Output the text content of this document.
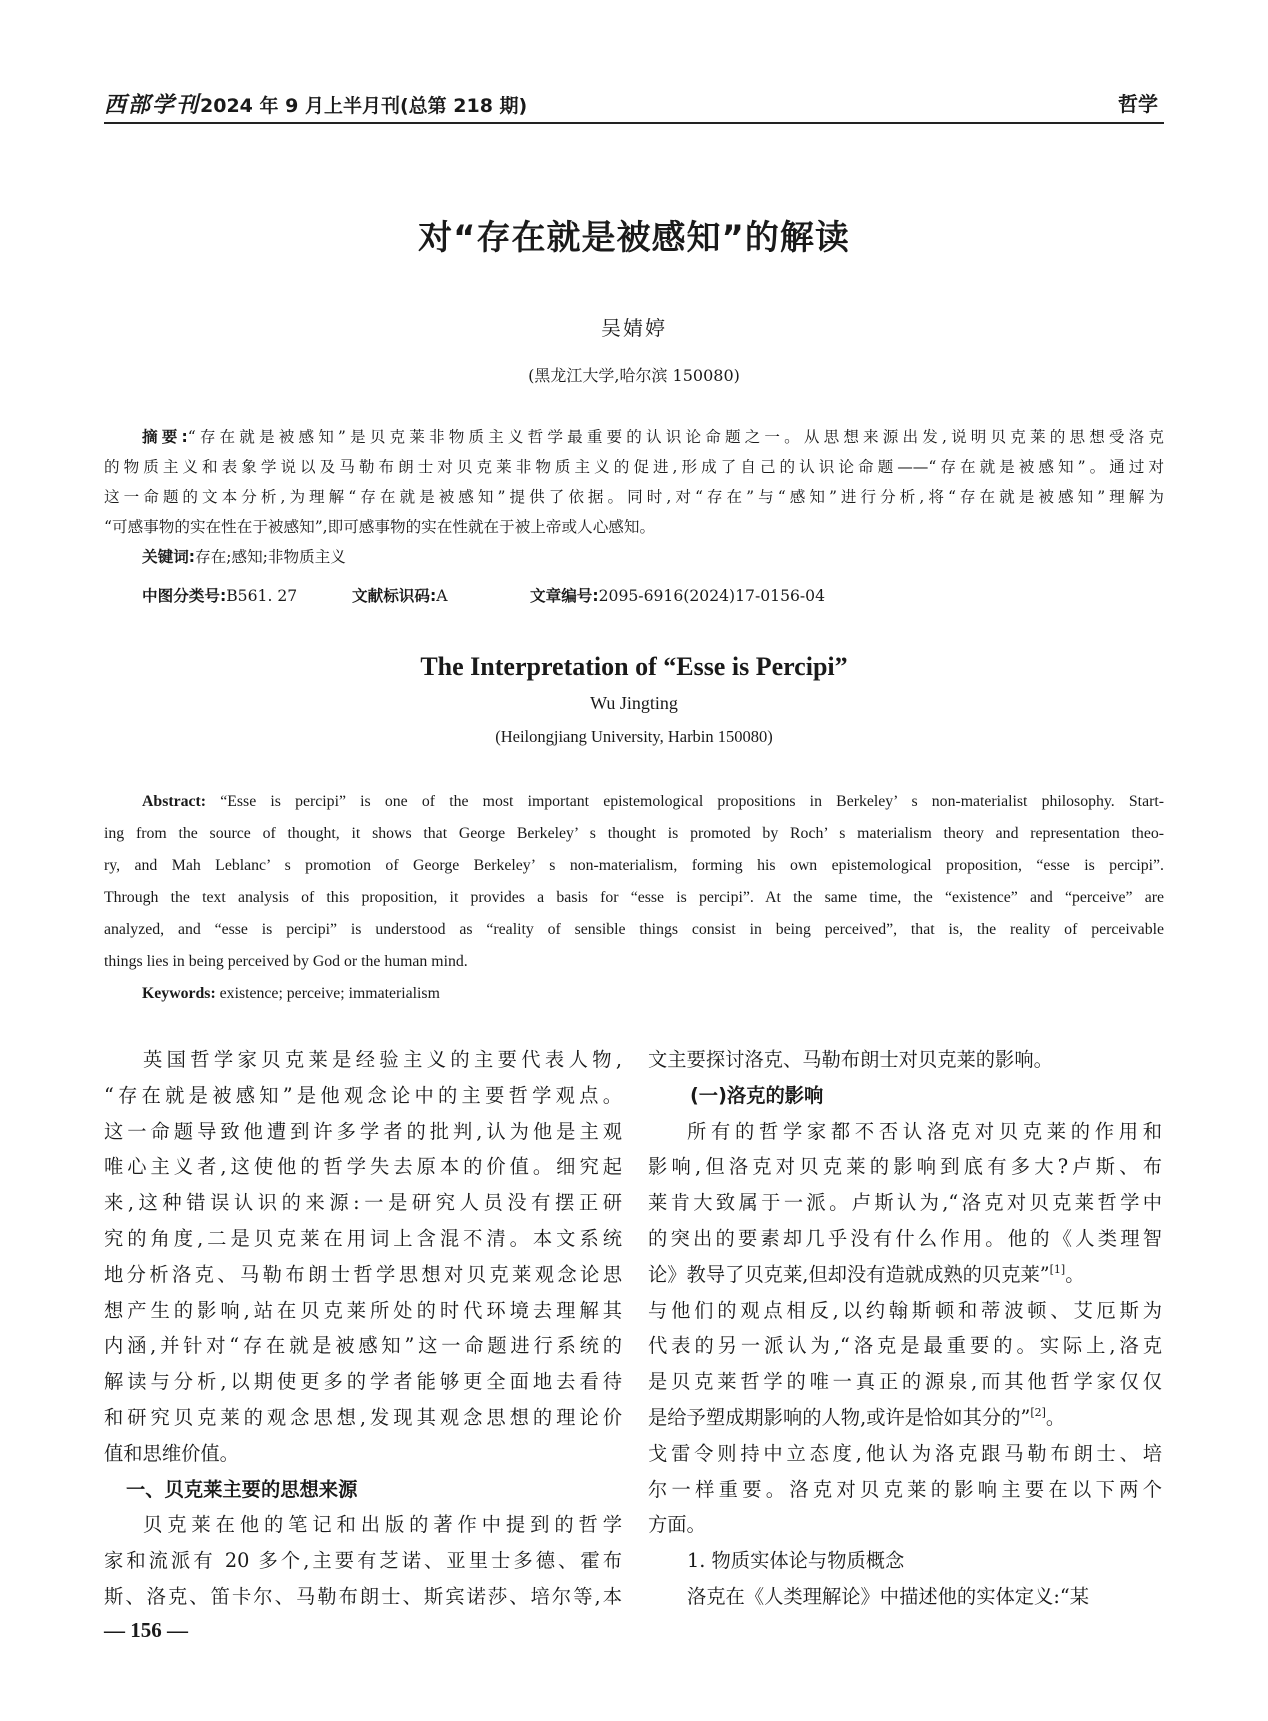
西部学刊2024 年 9 月上半月刊(总第 218 期)	哲学
对“存在就是被感知”的解读
吴婧婷
(黑龙江大学,哈尔滨 150080)
摘要:“存在就是被感知”是贝克莱非物质主义哲学最重要的认识论命题之一。从思想来源出发,说明贝克莱的思想受洛克
的物质主义和表象学说以及马勒布朗士对贝克莱非物质主义的促进,形成了自己的认识论命题——“存在就是被感知”。通过对
这一命题的文本分析,为理解“存在就是被感知”提供了依据。同时,对“存在”与“感知”进行分析,将“存在就是被感知”理解为
“可感事物的实在性在于被感知”,即可感事物的实在性就在于被上帝或人心感知。
关键词:存在;感知;非物质主义
中图分类号:B561. 27	文献标识码:A	文章编号:2095-6916(2024)17-0156-04
The Interpretation of “Esse is Percipi”
Wu Jingting
(Heilongjiang University, Harbin 150080)
Abstract: “Esse is percipi” is one of the most important epistemological propositions in Berkeley’ s non-materialist philosophy. Start-
ing from the source of thought, it shows that George Berkeley’ s thought is promoted by Roch’ s materialism theory and representation theo-
ry, and Mah Leblanc’ s promotion of George Berkeley’ s non-materialism, forming his own epistemological proposition, “esse is percipi”.
Through the text analysis of this proposition, it provides a basis for “esse is percipi”. At the same time, the “existence” and “perceive” are
analyzed, and “esse is percipi” is understood as “reality of sensible things consist in being perceived”, that is, the reality of perceivable
things lies in being perceived by God or the human mind.
Keywords: existence; perceive; immaterialism
英国哲学家贝克莱是经验主义的主要代表人物,
“存在就是被感知”是他观念论中的主要哲学观点。
这一命题导致他遭到许多学者的批判,认为他是主观
唯心主义者,这使他的哲学失去原本的价值。细究起
来,这种错误认识的来源:一是研究人员没有摆正研
究的角度,二是贝克莱在用词上含混不清。本文系统
地分析洛克、马勒布朗士哲学思想对贝克莱观念论思
想产生的影响,站在贝克莱所处的时代环境去理解其
内涵,并针对“存在就是被感知”这一命题进行系统的
解读与分析,以期使更多的学者能够更全面地去看待
和研究贝克莱的观念思想,发现其观念思想的理论价
值和思维价值。
一、贝克莱主要的思想来源
贝克莱在他的笔记和出版的著作中提到的哲学
家和流派有 20 多个,主要有芝诺、亚里士多德、霍布
斯、洛克、笛卡尔、马勒布朗士、斯宾诺莎、培尔等,本
文主要探讨洛克、马勒布朗士对贝克莱的影响。
(一)洛克的影响
所有的哲学家都不否认洛克对贝克莱的作用和
影响,但洛克对贝克莱的影响到底有多大?卢斯、布
莱肯大致属于一派。卢斯认为,“洛克对贝克莱哲学中
的突出的要素却几乎没有什么作用。他的《人类理智
论》教导了贝克莱,但却没有造就成熟的贝克莱”[1]。
与他们的观点相反,以约翰斯顿和蒂波顿、艾厄斯为
代表的另一派认为,“洛克是最重要的。实际上,洛克
是贝克莱哲学的唯一真正的源泉,而其他哲学家仅仅
是给予塑成期影响的人物,或许是恰如其分的”[2]。
戈雷令则持中立态度,他认为洛克跟马勒布朗士、培
尔一样重要。洛克对贝克莱的影响主要在以下两个
方面。
1. 物质实体论与物质概念
洛克在《人类理解论》中描述他的实体定义:“某
— 156 —
